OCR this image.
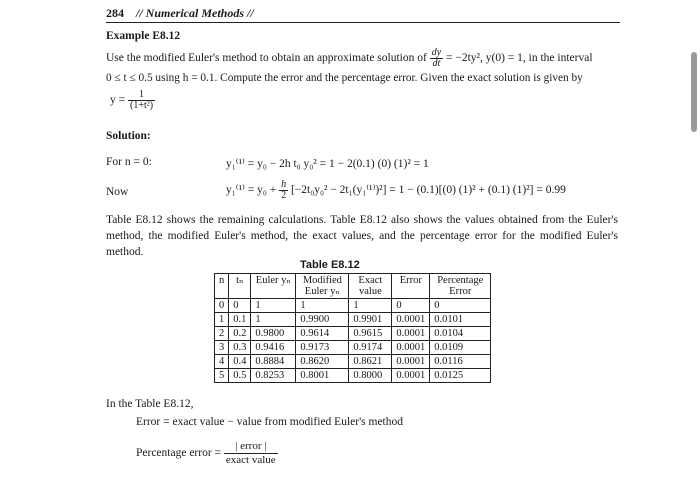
284 // Numerical Methods //
Example E8.12
Use the modified Euler's method to obtain an approximate solution of $\frac{dy}{dt} = -2ty^2$, y(0) = 1, in the interval
0 ≤ t ≤ 0.5 using h = 0.1. Compute the error and the percentage error. Given the exact solution is given by
$y = \frac{1}{\text{(1+t²)}}$
Solution:
For n = 0:	y₁⁽¹⁾ = y₀ − 2h t₀ y₀² = 1 − 2(0.1) (0) (1)² = 1
Now	$y_1^{(1)} = y_0 + \frac{h}{2} [-2t_0y_0^2 - 2t_1(y_1^{(1)})^2] = 1 - (0.1)[(0) (1)^2 + (0.1) (1)^2] = 0.99$
Table E8.12 shows the remaining calculations. Table E8.12 also shows the values obtained from the Euler's method, the modified Euler's method, the exact values, and the percentage error for the modified Euler's method.
Table E8.12
n	tₙ	Euler yₙ	Modified Euler yₙ	Exact value	Error	Percentage Error
0	0	1	1	1	0	0
1	0.1	1	0.9900	0.9901	0.0001	0.0101
2	0.2	0.9800	0.9614	0.9615	0.0001	0.0104
3	0.3	0.9416	0.9173	0.9174	0.0001	0.0109
4	0.4	0.8884	0.8620	0.8621	0.0001	0.0116
5	0.5	0.8253	0.8001	0.8000	0.0001	0.0125
In the Table E8.12,
Error = exact value − value from modified Euler's method
Percentage error = $\frac{\text{| error |}}{\text{exact value}}$
